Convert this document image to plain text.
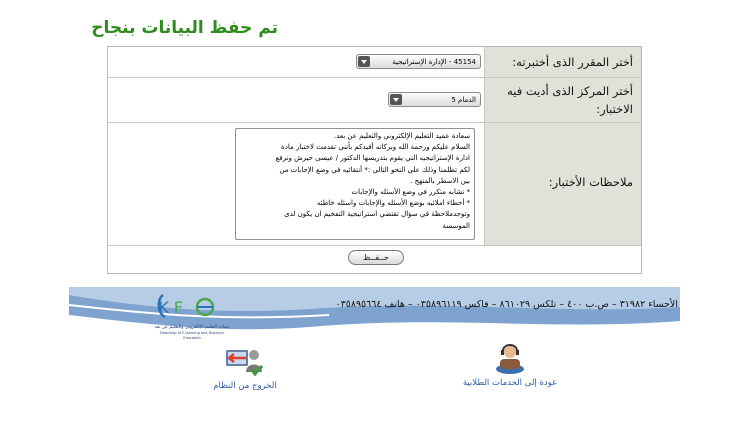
تم حفظ البيانات بنجاح
أختر المقرر الذى أختبرته:
45154 - الإدارة الإستراتيجية
أختر المركز الذى أديت فيه الاختبار:
الدمام 5
ملاحظات الأختبار:

سعادة عميد التعليم الإلكتروني والتعليم عن بعد.

السلام عليكم ورحمة الله وبركاته أفيدكم بأنني تقدمت لاختبار مادة

ادارة الإستراتيجيه التي يقوم بتدريسها الدكتور / عيسى حيرش ونرفع

لكم تظلمنا وذلك على النحو التالي :* أنتقائيه في وضع الإجابات من

بين الاسطر بالمنهج .

* تشابه متكرر في وضع الأسئله والإجابات

* أخطاء املائيه بوضع الأسئله والإجابات واسئله خاطئه

وتوجدملاحظة في سؤال تقتضي استراتيجية التفخيم ان يكون لدى

الموسسة

حــفــظ
الأحساء ٣١٩٨٢ – ص.ب ٤٠٠ – تلكس ٨٦١٠٢٩ – فاكس ٠٣٥٨٩٦١١٩ – هاتف ٠٣٥٨٩٥٦٦٤
K F
عمادة التعليم الإلكتروني والتعليم عن بعد
Deanship of E-learning and Distance Education
عودة إلى الخدمات الطلابية
الخروج من النظام
